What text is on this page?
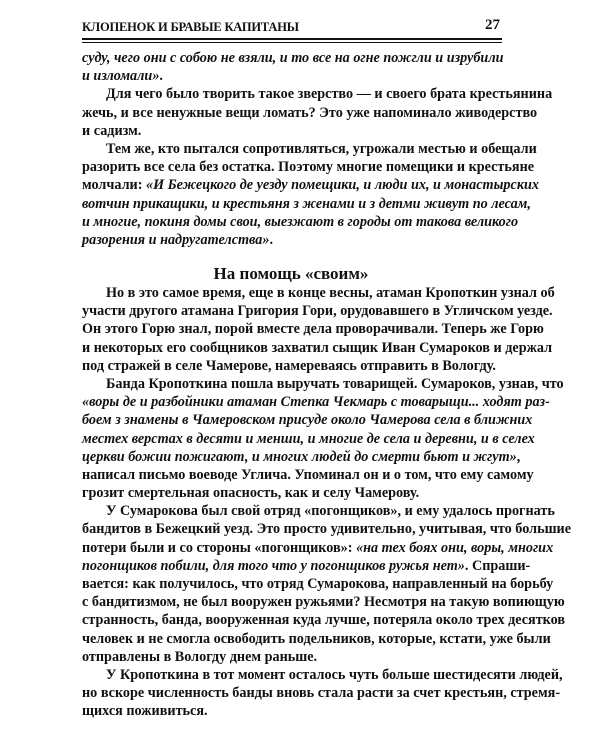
КЛОПЕНОК И БРАВЫЕ КАПИТАНЫ	27
суду, чего они с собою не взяли, и то все на огне пожгли и изрубили
и изломали».
Для чего было творить такое зверство — и своего брата крестьянина
жечь, и все ненужные вещи ломать? Это уже напоминало живодерство
и садизм.
Тем же, кто пытался сопротивляться, угрожали местью и обещали
разорить все села без остатка. Поэтому многие помещики и крестьяне
молчали: «И Бежецкого де уезду помещики, и люди их, и монастырских
вотчин прикащики, и крестьяня з женами и з детми живут по лесам,
и многие, покиня домы свои, выезжают в городы от такова великого
разорения и надругателства».
На помощь «своим»
Но в это самое время, еще в конце весны, атаман Кропоткин узнал об
участи другого атамана Григория Гори, орудовавшего в Угличском уезде.
Он этого Горю знал, порой вместе дела проворачивали. Теперь же Горю
и некоторых его сообщников захватил сыщик Иван Сумароков и держал
под стражей в селе Чамерове, намереваясь отправить в Вологду.
Банда Кропоткина пошла выручать товарищей. Сумароков, узнав, что
«воры де и разбойники атаман Степка Чекмарь с товарыщи... ходят раз-
боем з знамены в Чамеровском присуде около Чамерова села в ближних
местех верстах в десяти и менши, и многие де села и деревни, и в селех
церкви божии пожигают, и многих людей до смерти бьют и жгут»,
написал письмо воеводе Углича. Упоминал он и о том, что ему самому
грозит смертельная опасность, как и селу Чамерову.
У Сумарокова был свой отряд «погонщиков», и ему удалось прогнать
бандитов в Бежецкий уезд. Это просто удивительно, учитывая, что большие
потери были и со стороны «погонщиков»: «на тех боях они, воры, многих
погонщиков побили, для того что у погонщиков ружья нет». Спраши-
вается: как получилось, что отряд Сумарокова, направленный на борьбу
с бандитизмом, не был вооружен ружьями? Несмотря на такую вопиющую
странность, банда, вооруженная куда лучше, потеряла около трех десятков
человек и не смогла освободить подельников, которые, кстати, уже были
отправлены в Вологду днем раньше.
У Кропоткина в тот момент осталось чуть больше шестидесяти людей,
но вскоре численность банды вновь стала расти за счет крестьян, стремя-
щихся поживиться.
